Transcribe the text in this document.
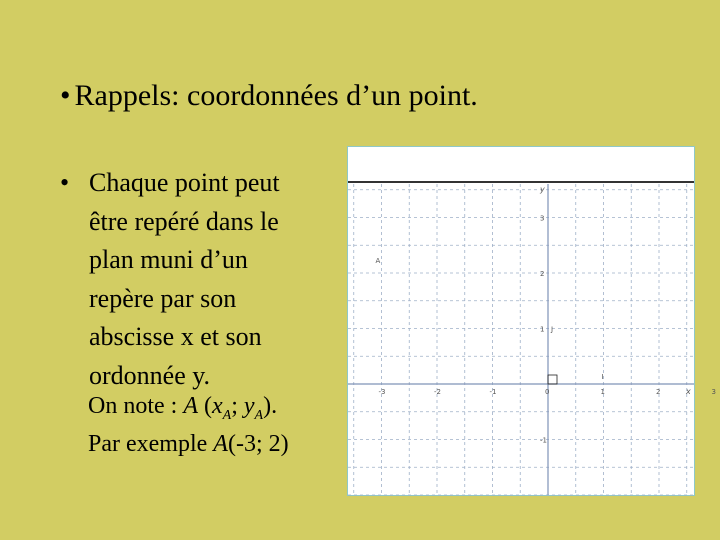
• Rappels: coordonnées d’un point.
• Chaque point peut
être repéré dans le
plan muni d’un
repère par son
abscisse x et son
ordonnée y.
On note : A ($x_A$; $y_A$).
Par exemple A(-3; 2)
-3	-2	-1	0	1	2	3
3
2
1
-1
x
y
J
I
A
